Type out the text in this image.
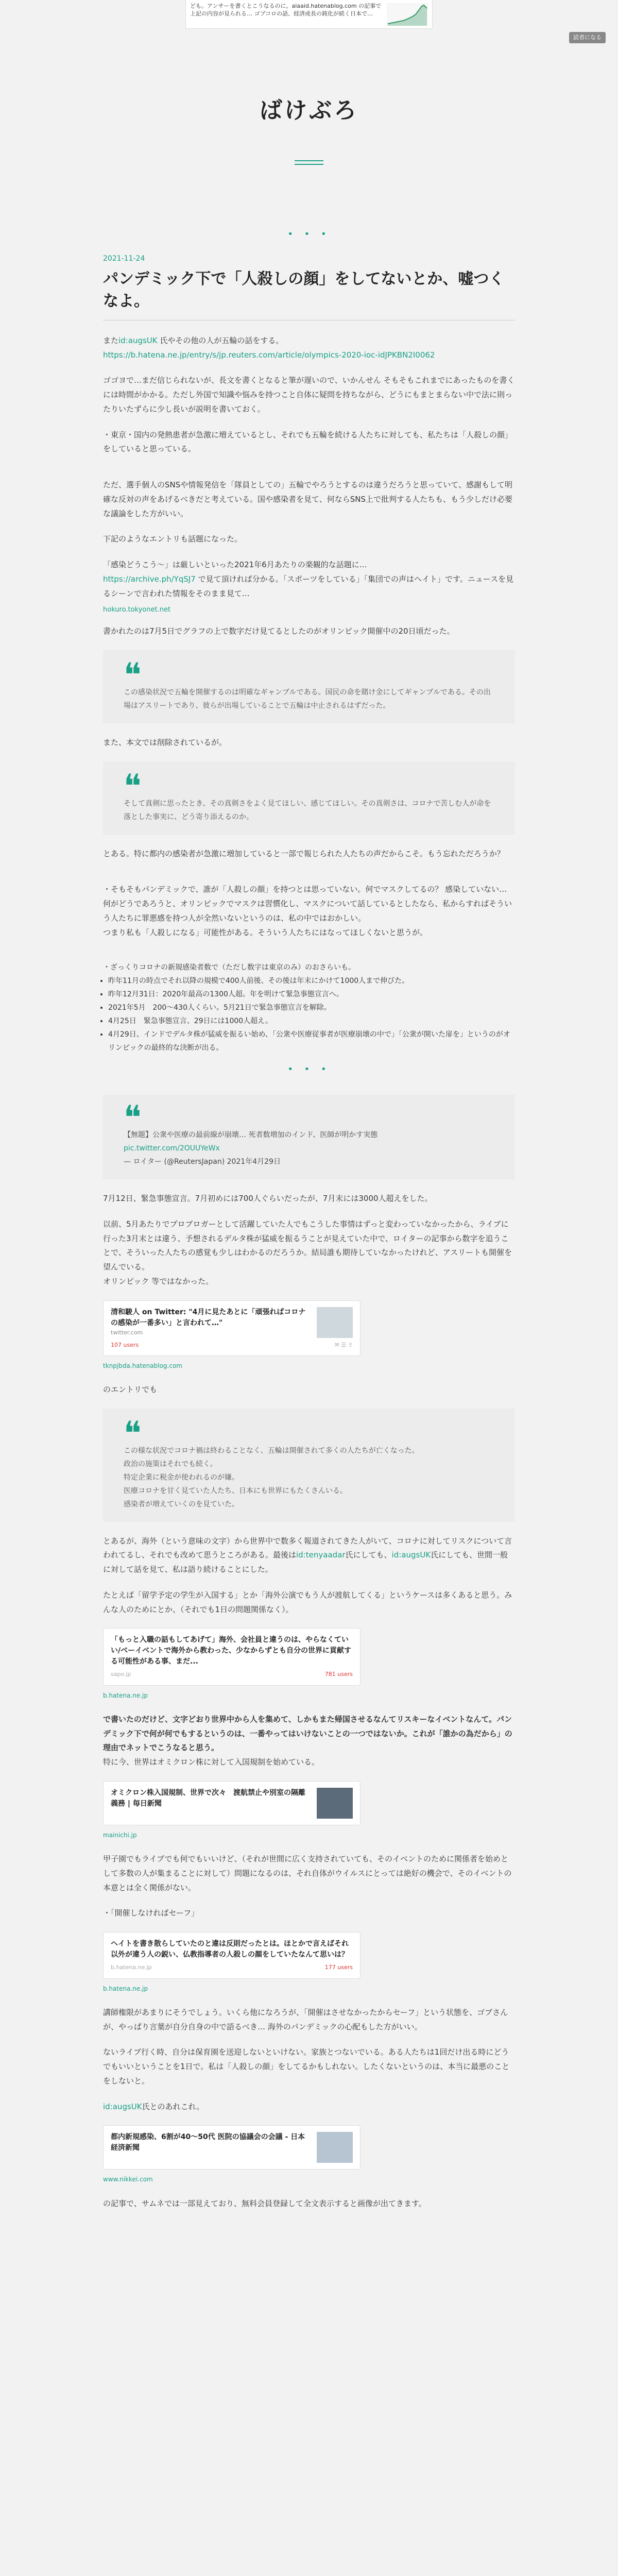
ども。アンサーを書くとこうなるのに。aiaaid.hatenablog.com の記事で上記の内容が見られる… ゴブコロの話、経済成長の鈍化が続く日本で…
読者になる
ばけぶろ
• • •
2021-11-24
パンデミック下で「人殺しの顔」をしてないとか、嘘つくなよ。

またid:augsUK 氏やその他の人が五輪の話をする。
https://b.hatena.ne.jp/entry/s/jp.reuters.com/article/olympics-2020-ioc-idJPKBN2I0062

ゴゴヨで…まだ信じられないが、長文を書くとなると筆が遅いので、いかんせん そもそもこれまでにあったものを書くには時間がかかる。ただし外国で知識や悩みを持つこと自体に疑問を持ちながら、どうにもまとまらない中で法に則ったりいたずらに少し長いが説明を書いておく。

・東京・国内の発熱患者が急激に増えているとし、それでも五輪を続ける人たちに対しても、私たちは「人殺しの顔」をしていると思っている。

ただ、選手個人のSNSや情報発信を「隊員としての」五輪でやろうとするのは違うだろうと思っていて、感謝もして明確な反対の声をあげるべきだと考えている。国や感染者を見て、何ならSNS上で批判する人たちも、もう少しだけ必要な議論をした方がいい。

下記のようなエントリも話題になった。

「感染どうこう～」は厳しいといった2021年6月あたりの楽観的な話題に…
https://archive.ph/YqSJ7 で見て頂ければ分かる。「スポーツをしている」「集団での声はヘイト」です。ニュースを見るシーンで言われた情報をそのまま見て…

hokuro.tokyonet.net

書かれたのは7月5日でグラフの上で数字だけ見てるとしたのがオリンピック開催中の20日頃だった。

❝
この感染状況で五輪を開催するのは明確なギャンブルである。国民の命を賭け金にしてギャンブルである。その出場はアスリートであり、彼らが出場していることで五輪は中止されるはずだった。

また、本文では削除されているが。

❝
そして真剣に思ったとき、その真剣さをよく見てほしい、感じてほしい。その真剣さは、コロナで苦しむ人が命を落とした事実に、どう寄り添えるのか。

とある。特に都内の感染者が急激に増加していると一部で報じられた人たちの声だからこそ。もう忘れただろうか？

・そもそもパンデミックで、誰が「人殺しの顔」を持つとは思っていない。何でマスクしてるの？ 感染していない… 何がどうであろうと、オリンピックでマスクは習慣化し、マスクについて話しているとしたなら、私からすればそういう人たちに罪悪感を持つ人が全然いないというのは、私の中ではおかしい。
つまり私も「人殺しになる」可能性がある。そういう人たちにはなってほしくないと思うが。

・ざっくりコロナの新規感染者数で（ただし数字は東京のみ）のおさらいも。
• 昨年11月の時点でそれ以降の規模で400人前後、その後は年末にかけて1000人まで伸びた。
• 昨年12月31日：2020年最高の1300人超。年を明けて緊急事態宣言へ。
• 2021年5月　200〜430人くらい。5月21日で緊急事態宣言を解除。
• 4月25日　緊急事態宣言、29日には1000人超え。
• 4月29日、インドでデルタ株が猛威を振るい始め、「公衆や医療従事者が医療崩壊の中で」「公衆が開いた扉を」というのがオリンピックの最終的な決断が出る。
• • •
❝
【無題】公衆や医療の最前線が崩壊… 死者数増加のインド、医師が明かす実態
pic.twitter.com/2OUUYeWx
— ロイター (@ReutersJapan) 2021年4月29日

7月12日、緊急事態宣言。7月初めには700人ぐらいだったが、7月末には3000人超えをした。

以前、5月あたりでプロブロガーとして活躍していた人でもこうした事情はずっと変わっていなかったから、ライブに行った3月末とは違う、予想されるデルタ株が猛威を振るうことが見えていた中で、ロイターの記事から数字を追うことで、そういった人たちの感覚も少しはわかるのだろうか。結局誰も期待していなかったけれど、アスリートも開催を望んでいる。
オリンピック 等ではなかった。

清和駿人 on Twitter: "4月に見たあとに「頑張ればコロナの感染が一番多い」と言われて…"
twitter.com
107 users	✉ ☰ ⇪
tknpjbda.hatenablog.com

のエントリでも

❝
この様な状況でコロナ禍は終わることなく、五輪は開催されて多くの人たちが亡くなった。
政治の施策はそれでも続く。
特定企業に税金が使われるのが嫌。
医療コロナを甘く見ていた人たち、日本にも世界にもたくさんいる。
感染者が増えていくのを見ていた。

とあるが、海外（という意味の文字）から世界中で数多く報道されてきた人がいて、コロナに対してリスクについて言われてるし、それでも改めて思うところがある。最後はid:tenyaadar氏にしても、id:augsUK氏にしても、世間一般に対して話を見て、私は語り続けることにした。

たとえば「留学予定の学生が入国する」とか「海外公演でもう人が渡航してくる」というケースは多くあると思う。みんな人のためにとか、（それでも1日の問題関係なく）。

「もっと入職の話もしてあげて」海外、会社員と違うのは、やらなくていい/ベーイベントで海外から教わった、少なからずとも自分の世界に貢献する可能性がある事、まだ...
sapo.jp	781 users
b.hatena.ne.jp

で書いたのだけど、文字どおり世界中から人を集めて、しかもまた帰国させるなんてリスキーなイベントなんて。パンデミック下で何が何でもするというのは、一番やってはいけないことの一つではないか。これが「誰かの為だから」の理由でネットでこうなると思う。
特に今、世界はオミクロン株に対して入国規制を始めている。

オミクロン株入国規制、世界で次々　渡航禁止や別室の隔離義務 | 毎日新聞
mainichi.jp

甲子園でもライブでも何でもいいけど、（それが世間に広く支持されていても、そのイベントのために関係者を始めとして多数の人が集まることに対して）問題になるのは、それ自体がウイルスにとっては絶好の機会で、そのイベントの本意とは全く関係がない。

・「開催しなければセーフ」

ヘイトを書き散らしていたのと違は反則だったとは。ほとかで言えばそれ以外が違う人の鋭い、仏教指導者の人殺しの顔をしていたなんて思いは？
b.hatena.ne.jp	177 users
b.hatena.ne.jp

講師権限があまりにそうでしょう。いくら他になろうが、「開催はさせなかったからセーフ」という状態を、ゴブさんが、やっぱり言葉が自分自身の中で語るべき… 海外のパンデミックの心配もした方がいい。

ないライブ行く時、自分は保育園を送迎しないといけない。家族とつないでいる。ある人たちは1回だけ出る時にどうでもいいということを1日で。私は「人殺しの顔」をしてるかもしれない。したくないというのは、本当に最悪のことをしないと。

id:augsUK氏とのあれこれ。

都内新規感染、6割が40〜50代 医院の協議会の会議 - 日本経済新聞
www.nikkei.com

の記事で、サムネでは一部見えており、無料会員登録して全文表示すると画像が出てきます。
